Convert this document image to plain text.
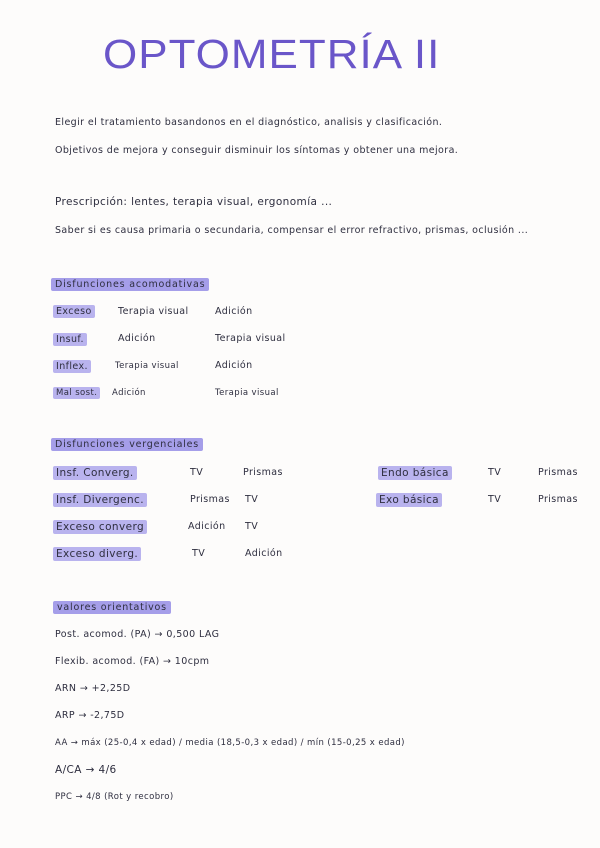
OPTOMETRÍA II
Elegir el tratamiento basandonos en el diagnóstico, analisis y clasificación.
Objetivos de mejora y conseguir disminuir los síntomas y obtener una mejora.
Prescripción: lentes, terapia visual, ergonomía ...
Saber si es causa primaria o secundaria, compensar el error refractivo, prismas, oclusión ...
Disfunciones acomodativas
Exceso	Terapia visual	Adición
Insuf.	Adición	Terapia visual
Inflex.	Terapia visual	Adición
Mal sost.	Adición	Terapia visual
Disfunciones vergenciales
Insf. Converg.	TV	Prismas
Insf. Divergenc.	Prismas TV
Exceso converg	Adición TV
Exceso diverg.	TV	Adición
Endo básica	TV	Prismas
Exo básica	TV	Prismas
valores orientativos
Post. acomod. (PA) → 0,500 LAG
Flexib. acomod. (FA) → 10cpm
ARN → +2,25D
ARP → -2,75D
AA → máx (25-0,4 x edad) / media (18,5-0,3 x edad) / mín (15-0,25 x edad)
A/CA → 4/6
PPC → 4/8 (Rot y recobro)
